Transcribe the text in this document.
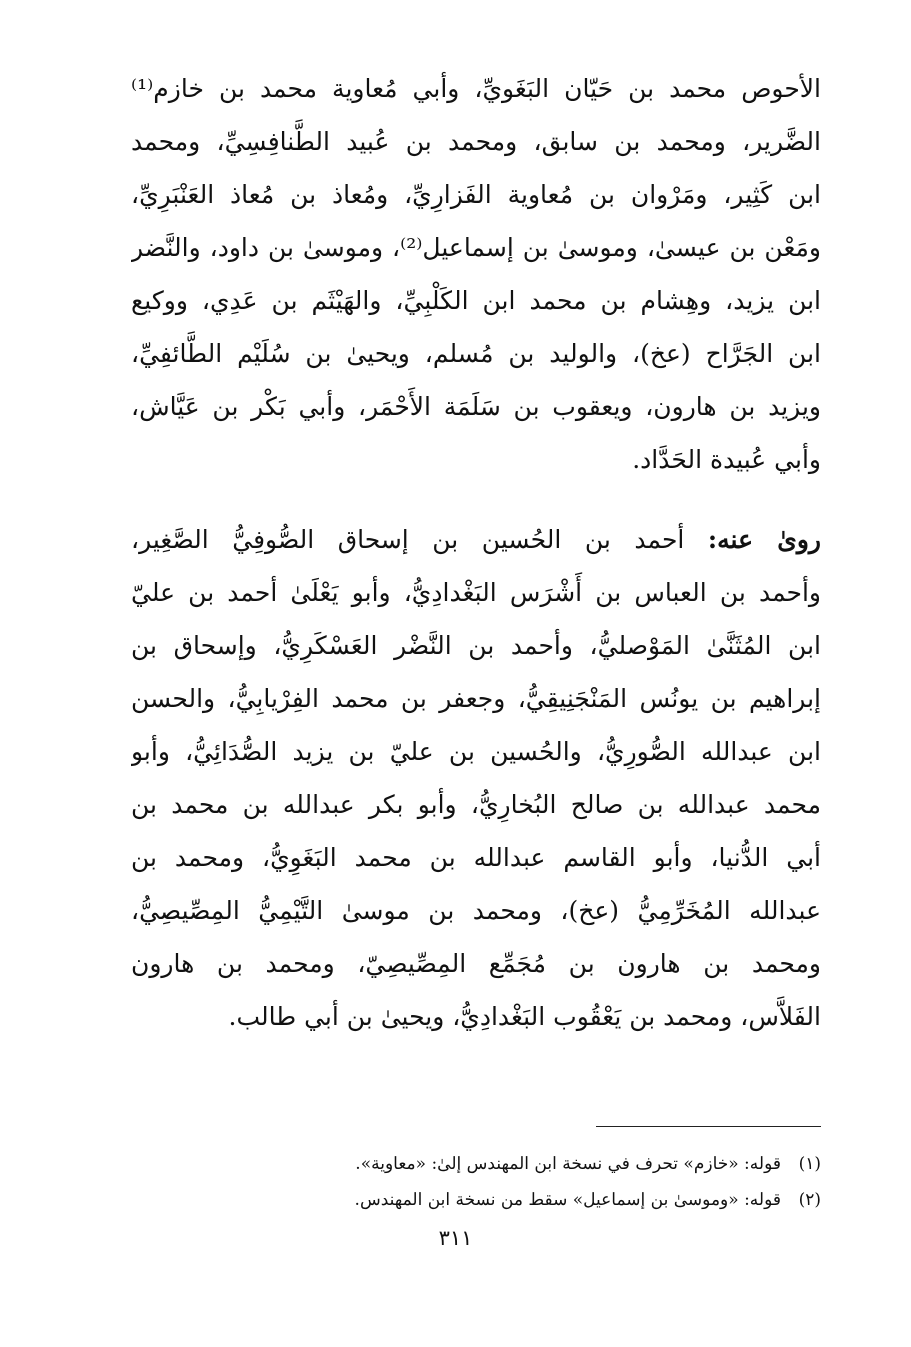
الأحوص محمد بن حَيّان البَغَويِّ، وأبي مُعاوية محمد بن خازم⁽¹⁾
الضَّرير، ومحمد بن سابق، ومحمد بن عُبيد الطَّنافِسِيِّ، ومحمد
ابن كَثِير، ومَرْوان بن مُعاوية الفَزارِيِّ، ومُعاذ بن مُعاذ العَنْبَرِيِّ،
ومَعْن بن عيسىٰ، وموسىٰ بن إسماعيل⁽²⁾، وموسىٰ بن داود، والنَّضر
ابن يزيد، وهِشام بن محمد ابن الكَلْبِيِّ، والهَيْثَم بن عَدِي، ووكيع
ابن الجَرَّاح (عخ)، والوليد بن مُسلم، ويحيىٰ بن سُلَيْم الطَّائفِيِّ،
ويزيد بن هارون، ويعقوب بن سَلَمَة الأَحْمَر، وأبي بَكْر بن عَيَّاش،
وأبي عُبيدة الحَدَّاد.
روىٰ عنه: أحمد بن الحُسين بن إسحاق الصُّوفِيُّ الصَّغِير،
وأحمد بن العباس بن أَشْرَس البَغْدادِيُّ، وأبو يَعْلَىٰ أحمد بن عليّ
ابن المُثَنَّىٰ المَوْصليُّ، وأحمد بن النَّضْر العَسْكَرِيُّ، وإسحاق بن
إبراهيم بن يونُس المَنْجَنِيقِيُّ، وجعفر بن محمد الفِرْيابِيُّ، والحسن
ابن عبدالله الصُّورِيُّ، والحُسين بن عليّ بن يزيد الصُّدَائِيُّ، وأبو
محمد عبدالله بن صالح البُخارِيُّ، وأبو بكر عبدالله بن محمد بن
أبي الدُّنيا، وأبو القاسم عبدالله بن محمد البَغَوِيُّ، ومحمد بن
عبدالله المُخَرِّمِيُّ (عخ)، ومحمد بن موسىٰ التَّيْمِيُّ المِصِّيصِيُّ،
ومحمد بن هارون بن مُجَمِّع المِصِّيصِيّ، ومحمد بن هارون
الفَلاَّس، ومحمد بن يَعْقُوب البَغْدادِيُّ، ويحيىٰ بن أبي طالب.
(١)قوله: «خازم» تحرف في نسخة ابن المهندس إلىٰ: «معاوية».
(٢)قوله: «وموسىٰ بن إسماعيل» سقط من نسخة ابن المهندس.
٣١١
